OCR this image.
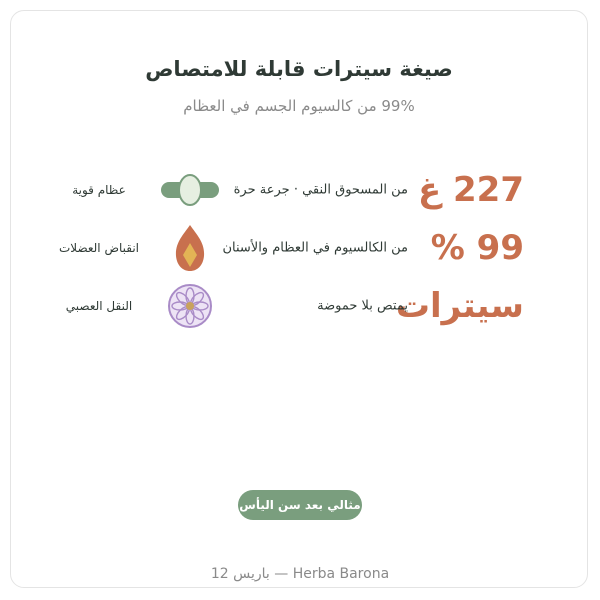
صيغة سيترات قابلة للامتصاص
99% من كالسيوم الجسم في العظام
227 غ
من المسحوق النقي · جرعة حرة
عظام قوية
99 %
من الكالسيوم في العظام والأسنان
انقباض العضلات
سيترات
يمتص بلا حموضة
النقل العصبي
مثالي بعد سن اليأس
Herba Barona — باريس 12
